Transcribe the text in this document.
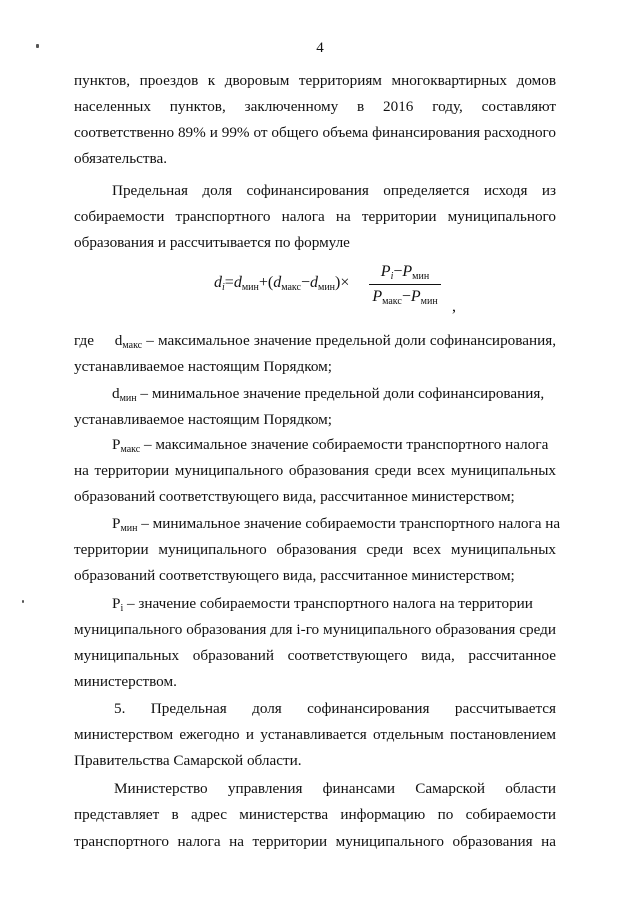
4
пунктов, проездов к дворовым территориям многоквартирных домов
населенных пунктов, заключенному в 2016 году, составляют
соответственно 89% и 99% от общего объема финансирования расходного
обязательства.
Предельная доля софинансирования определяется исходя из
собираемости транспортного налога на территории муниципального
образования и рассчитывается по формуле
$d_i=d_{мин}+(d_{макс}-d_{мин})\times$
$P_i-P_{мин}$
$P_{макс}-P_{мин}$ ,
где $d_{макс}$ – максимальное значение предельной доли софинансирования,
устанавливаемое настоящим Порядком;
$d_{мин}$ – минимальное значение предельной доли софинансирования,
устанавливаемое настоящим Порядком;
$P_{макс}$ – максимальное значение собираемости транспортного налога
на территории муниципального образования среди всех муниципальных
образований соответствующего вида, рассчитанное министерством;
$P_{мин}$ – минимальное значение собираемости транспортного налога на
территории муниципального образования среди всех муниципальных
образований соответствующего вида, рассчитанное министерством;
$P_i$ – значение собираемости транспортного налога на территории
муниципального образования для i-го муниципального образования среди
муниципальных образований соответствующего вида, рассчитанное
министерством.
5. Предельная доля софинансирования рассчитывается
министерством ежегодно и устанавливается отдельным постановлением
Правительства Самарской области.
Министерство управления финансами Самарской области
представляет в адрес министерства информацию по собираемости
транспортного налога на территории муниципального образования на
